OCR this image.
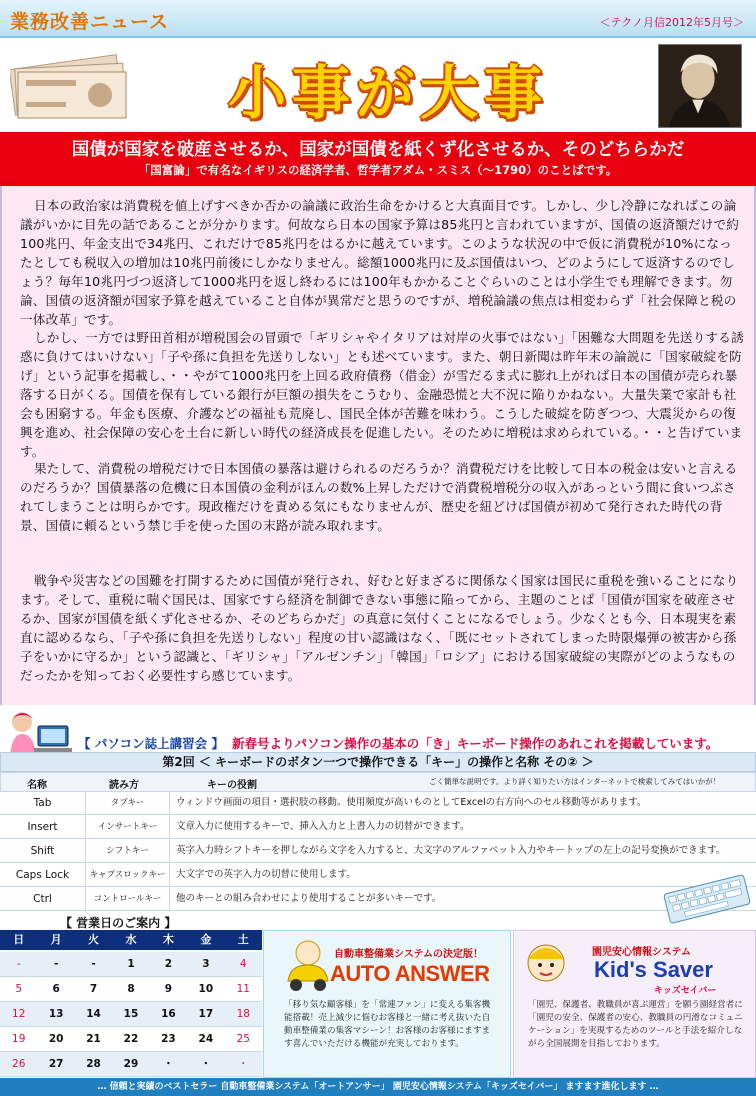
業務改善ニュース	＜テクノ月信2012年5月号＞
小事が大事
国債が国家を破産させるか、国家が国債を紙くず化させるか、そのどちらかだ
「国富論」で有名なイギリスの経済学者、哲学者アダム・スミス（～1790）のことばです。

日本の政治家は消費税を値上げすべきか否かの論議に政治生命をかけると大真面目です。しかし、少し冷静になればこの論議がいかに目先の話であることが分かります。何故なら日本の国家予算は85兆円と言われていますが、国債の返済額だけで約100兆円、年金支出で34兆円、これだけで85兆円をはるかに越えています。このような状況の中で仮に消費税が10%になったとしても税収入の増加は10兆円前後にしかなりません。総額1000兆円に及ぶ国債はいつ、どのようにして返済するのでしょう？毎年10兆円づつ返済して1000兆円を返し終わるには100年もかかることぐらいのことは小学生でも理解できます。勿論、国債の返済額が国家予算を越えていること自体が異常だと思うのですが、増税論議の焦点は相変わらず「社会保障と税の一体改革」です。

しかし、一方では野田首相が増税国会の冒頭で「ギリシャやイタリアは対岸の火事ではない」「困難な大問題を先送りする誘惑に負けてはいけない」「子や孫に負担を先送りしない」とも述べています。また、朝日新聞は昨年末の論説に「国家破綻を防げ」という記事を掲載し、・・やがて1000兆円を上回る政府債務（借金）が雪だるま式に膨れ上がれば日本の国債が売られ暴落する日がくる。国債を保有している銀行が巨額の損失をこうむり、金融恐慌と大不況に陥りかねない。大量失業で家計も社会も困窮する。年金も医療、介護などの福祉も荒廃し、国民全体が苦難を味わう。こうした破綻を防ぎつつ、大震災からの復興を進め、社会保障の安心を土台に新しい時代の経済成長を促進したい。そのために増税は求められている。・・と告げています。

果たして、消費税の増税だけで日本国債の暴落は避けられるのだろうか？消費税だけを比較して日本の税金は安いと言えるのだろうか？国債暴落の危機に日本国債の金利がほんの数%上昇しただけで消費税増税分の収入があっという間に食いつぶされてしまうことは明らかです。現政権だけを責める気にもなりませんが、歴史を紐どけば国債が初めて発行された時代の背景、国債に頼るという禁じ手を使った国の末路が読み取れます。

戦争や災害などの国難を打開するために国債が発行され、好むと好まざるに関係なく国家は国民に重税を強いることになります。そして、重税に喘ぐ国民は、国家ですら経済を制御できない事態に陥ってから、主題のことば「国債が国家を破産させるか、国家が国債を紙くず化させるか、そのどちらかだ」の真意に気付くことになるでしょう。少なくとも今、日本現実を素直に認めるなら、「子や孫に負担を先送りしない」程度の甘い認識はなく、「既にセットされてしまった時限爆弾の被害から孫子をいかに守るか」という認識と、「ギリシャ」「アルゼンチン」「韓国」「ロシア」における国家破綻の実際がどのようなものだったかを知っておく必要性すら感じています。

【 パソコン誌上講習会 】 新春号よりパソコン操作の基本の「き」キーボード操作のあれこれを掲載しています。
第2回 ＜ キーボードのボタン一つで操作できる「キー」の操作と名称 その② ＞
名称	読み方	キーの役割	ごく簡単な説明です。より詳く知りたい方はインターネットで検索してみてはいかが！
Tab	タブキー	ウィンドウ画面の項目・選択肢の移動。使用頻度が高いものとしてExcelの右方向へのセル移動等があります。
Insert	インサートキー	文章入力に使用するキーで、挿入入力と上書入力の切替ができます。
Shift	シフトキー	英字入力時シフトキーを押しながら文字を入力すると、大文字のアルファベット入力やキートップの左上の記号変換ができます。
Caps Lock	キャプスロックキー	大文字での英字入力の切替に使用します。
Ctrl	コントロールキー	他のキーとの組み合わせにより使用することが多いキーです。
【 営業日のご案内 】
日	月	火	水	木	金	土
-	-	-	1	2	3	4
5	6	7	8	9	10	11
12	13	14	15	16	17	18
19	20	21	22	23	24	25
26	27	28	29	・	・	・
自動車整備業システムの決定版！
AUTO ANSWER
「移り気な顧客様」を「常連ファン」に変える集客機能搭載！売上減少に悩むお客様と一緒に考え抜いた自動車整備業の集客マシーン！お客様のお客様にますます喜んでいただける機能が充実しております。
園児安心情報システム
Kid's Saver
キッズセイバー
「園児、保護者、教職員が喜ぶ運営」を願う園経営者に「園児の安全、保護者の安心、教職員の円滑なコミュニケーション」を実現するためのツールと手法を紹介しながら全国展開を目指しております。
… 信頼と実績のベストセラー 自動車整備業システム「オートアンサー」 園児安心情報システム「キッズセイバー」 ますます進化します …
